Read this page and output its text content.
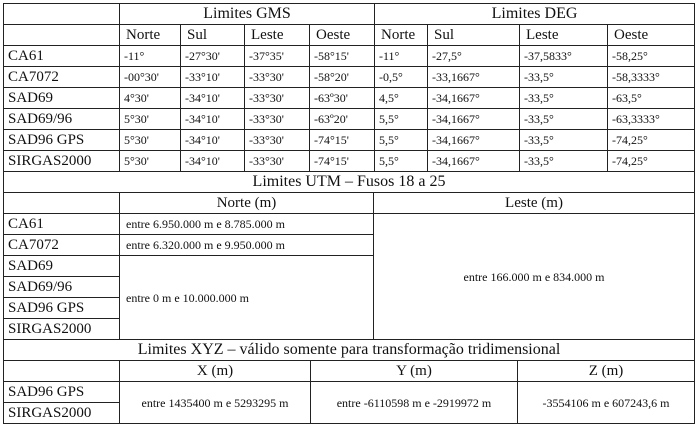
	Limites GMS				Limites DEG			
	Norte	Sul	Leste	Oeste	Norte	Sul	Leste	Oeste
CA61	-11°	-27°30'	-37°35'	-58°15'	-11°	-27,5°	-37,5833°	-58,25°
CA7072	-00°30'	-33°10'	-33°30'	-58°20'	-0,5°	-33,1667°	-33,5°	-58,3333°
SAD69	4°30'	-34°10'	-33°30'	-63º30'	4,5°	-34,1667°	-33,5°	-63,5°
SAD69/96	5°30'	-34°10'	-33°30'	-63º20'	5,5°	-34,1667°	-33,5°	-63,3333°
SAD96 GPS	5°30'	-34°10'	-33°30'	-74°15'	5,5°	-34,1667°	-33,5°	-74,25°
SIRGAS2000	5°30'	-34°10'	-33°30'	-74°15'	5,5°	-34,1667°	-33,5°	-74,25°
Limites UTM – Fusos 18 a 25		
	Norte (m)	Leste (m)
CA61	entre 6.950.000 m e 8.785.000 m	entre 166.000 m e 834.000 m
CA7072	entre 6.320.000 m e 9.950.000 m	
SAD69	entre 0 m e 10.000.000 m	
SAD69/96		
SAD96 GPS		
SIRGAS2000		
Limites XYZ – válido somente para transformação tridimensional			
	X (m)	Y (m)	Z (m)
SAD96 GPS	entre 1435400 m e 5293295 m	entre -6110598 m e -2919972 m	-3554106 m e 607243,6 m
SIRGAS2000			
